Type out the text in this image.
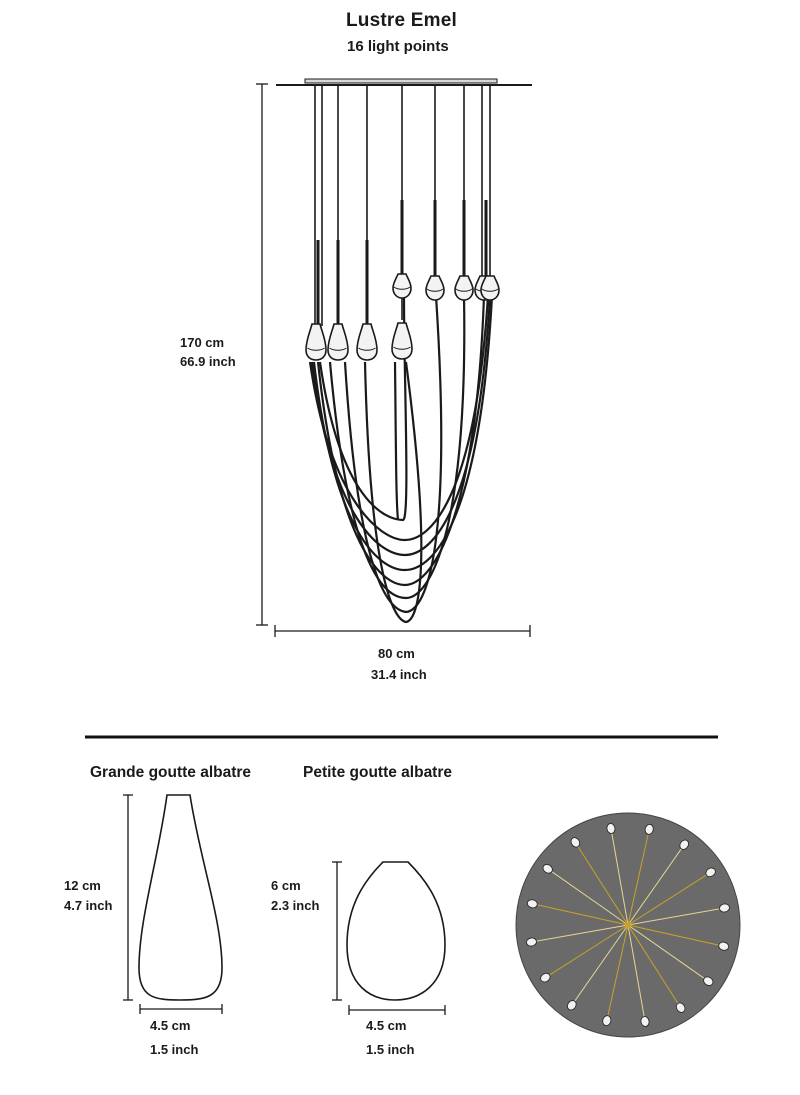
Lustre Emel
16 light points
170 cm
66.9 inch
80 cm
31.4 inch
Grande goutte albatre	Petite goutte albatre
12 cm
4.7 inch
4.5 cm
1.5 inch
6 cm
2.3 inch
4.5 cm
1.5 inch
